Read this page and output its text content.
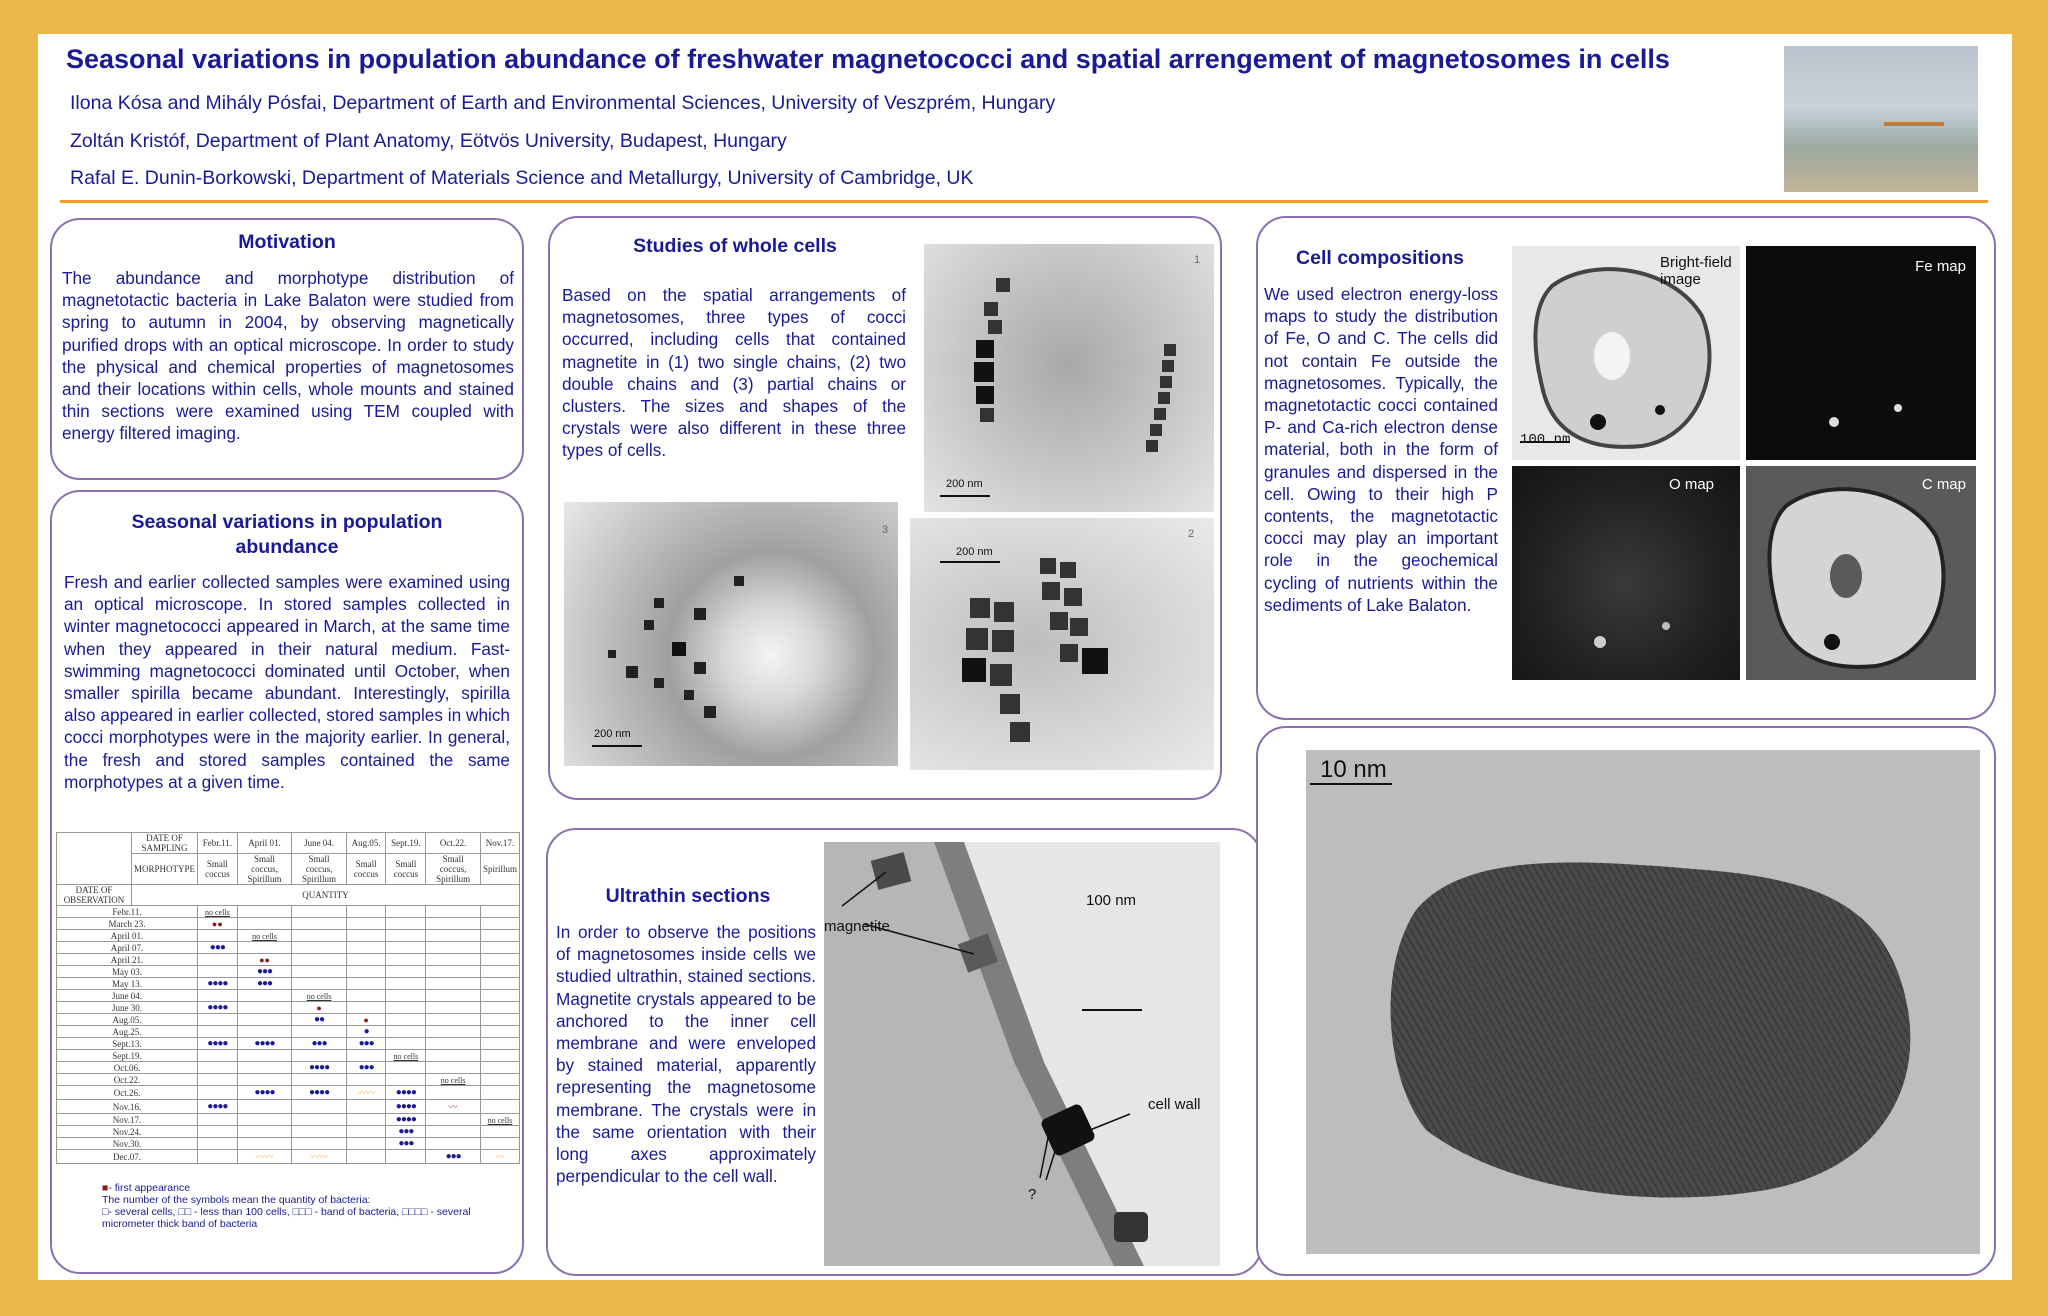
Seasonal variations in population abundance of freshwater magnetococci and spatial arrengement of magnetosomes in cells
Ilona Kósa and Mihály Pósfai, Department of Earth and Environmental Sciences, University of Veszprém, Hungary
Zoltán Kristóf, Department of Plant Anatomy, Eötvös University, Budapest, Hungary
Rafal E. Dunin-Borkowski, Department of Materials Science and Metallurgy, University of Cambridge, UK
Motivation
The abundance and morphotype distribution of magnetotactic bacteria in Lake Balaton were studied from spring to autumn in 2004, by observing magnetically purified drops with an optical microscope. In order to study the physical and chemical properties of magnetosomes and their locations within cells, whole mounts and stained thin sections were examined using TEM coupled with energy filtered imaging.
Seasonal variations in population abundance
Fresh and earlier collected samples were examined using an optical microscope. In stored samples collected in winter magnetococci appeared in March, at the same time when they appeared in their natural medium. Fast-swimming magnetococci dominated until October, when smaller spirilla became abundant. Interestingly, spirilla also appeared in earlier collected, stored samples in which cocci morphotypes were in the majority earlier. In general, the fresh and stored samples contained the same morphotypes at a given time.
	DATE OF SAMPLING	Febr.11.	April 01.	June 04.	Aug.05.	Sept.19.	Oct.22.	Nov.17.
	MORPHOTYPE	Small coccus	Small coccus, Spirillum	Small coccus, Spirillum	Small coccus	Small coccus	Small coccus, Spirillum	Spirillum
DATE OF OBSERVATION	QUANTITY							
Febr.11.		no cells						
March 23.		●●						
April 01.			no cells					
April 07.		●●●						
April 21.			●●					
May 03.			●●●					
May 13.		●●●●	●●●					
June 04.				no cells				
June 30.		●●●●		●				
Aug.05.				●●	●			
Aug.25.					●			
Sept.13.		●●●●	●●●●	●●●	●●●			
Sept.19.						no cells		
Oct.06.				●●●●	●●●			
Oct.22.							no cells	
Oct.26.			●●●●	●●●●	〰〰	●●●●		
Nov.16.		●●●●				●●●●	〰	
Nov.17.						●●●●		no cells
Nov.24.						●●●		
Nov.30.						●●●		
Dec.07.			〰〰	〰〰			●●●	〰
■- first appearance
The number of the symbols mean the quantity of bacteria:
□- several cells, □□ - less than 100 cells, □□□ - band of bacteria, □□□□ - several micrometer thick band of bacteria
Studies of whole cells
Based on the spatial arrangements of magnetosomes, three types of cocci occurred, including cells that contained magnetite in (1) two single chains, (2) two double chains and (3) partial chains or clusters. The sizes and shapes of the crystals were also different in these three types of cells.
200 nm
1
200 nm
3
200 nm
2
Ultrathin sections
In order to observe the positions of magnetosomes inside cells we studied ultrathin, stained sections. Magnetite crystals appeared to be anchored to the inner cell membrane and were enveloped by stained material, apparently representing the magnetosome membrane. The crystals were in the same orientation with their long axes approximately perpendicular to the cell wall.
magnetite
100 nm
cell wall
?
Cell compositions
We used electron energy-loss maps to study the distribution of Fe, O and C. The cells did not contain Fe outside the magnetosomes. Typically, the magnetotactic cocci contained P- and Ca-rich electron dense material, both in the form of granules and dispersed in the cell. Owing to their high P contents, the magnetotactic cocci may play an important role in the geochemical cycling of nutrients within the sediments of Lake Balaton.
Bright-field image
100 nm
Fe map
O map	C map
10 nm
